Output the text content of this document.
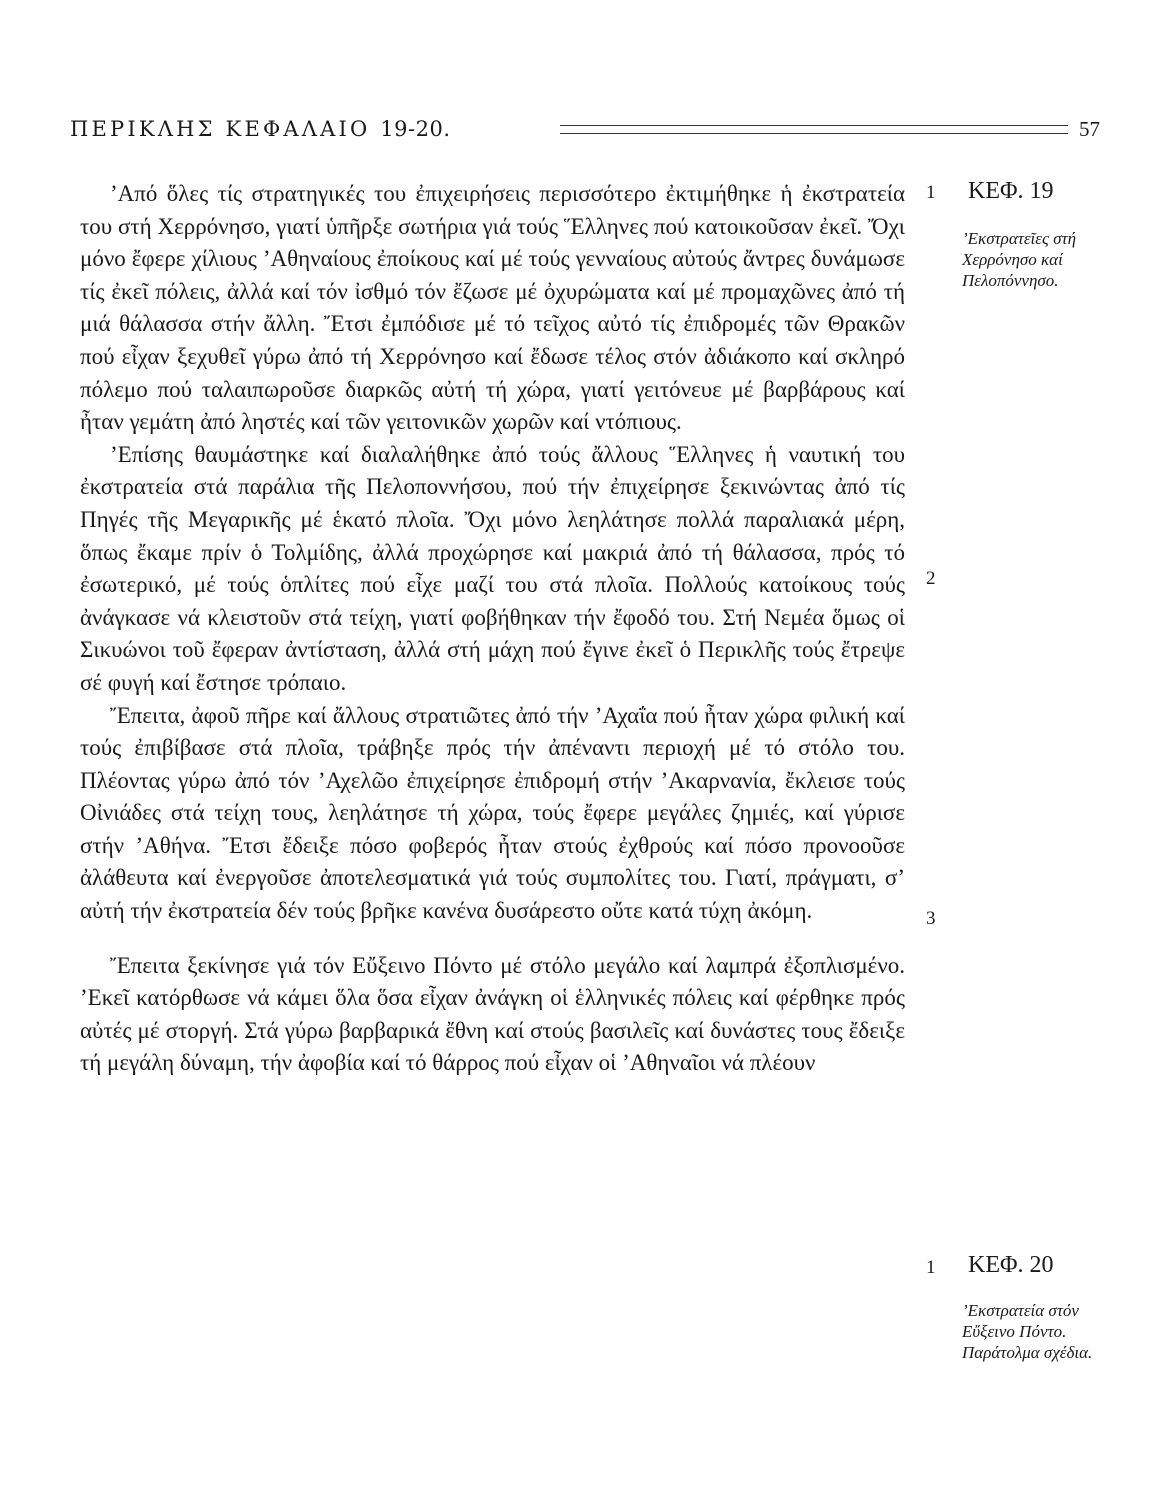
ΠΕΡΙΚΛΗΣ ΚΕΦΑΛΑΙΟ 19-20.	57

’Από ὅλες τίς στρατηγικές του ἐπιχειρήσεις περισσότερο ἐκτιμήθηκε ἡ ἐκστρατεία του στή Χερρόνησο, γιατί ὑπῆρξε σωτήρια γιά τούς Ἕλληνες πού κατοικοῦσαν ἐκεῖ. Ὄχι μόνο ἔφερε χίλιους ’Αθηναίους ἐποίκους καί μέ τούς γενναίους αὐτούς ἄντρες δυνάμωσε τίς ἐκεῖ πόλεις, ἀλλά καί τόν ἰσθμό τόν ἔζωσε μέ ὀχυρώματα καί μέ προμαχῶνες ἀπό τή μιά θάλασσα στήν ἄλλη. Ἔτσι ἐμπόδισε μέ τό τεῖχος αὐτό τίς ἐπιδρομές τῶν Θρακῶν πού εἶχαν ξεχυθεῖ γύρω ἀπό τή Χερρόνησο καί ἔδωσε τέλος στόν ἀδιάκοπο καί σκληρό πόλεμο πού ταλαιπωροῦσε διαρκῶς αὐτή τή χώρα, γιατί γειτόνευε μέ βαρβάρους καί ἦταν γεμάτη ἀπό ληστές καί τῶν γειτονικῶν χωρῶν καί ντόπιους.

’Επίσης θαυμάστηκε καί διαλαλήθηκε ἀπό τούς ἄλλους Ἕλληνες ἡ ναυτική του ἐκστρατεία στά παράλια τῆς Πελοποννήσου, πού τήν ἐπιχείρησε ξεκινώντας ἀπό τίς Πηγές τῆς Μεγαρικῆς μέ ἑκατό πλοῖα. Ὄχι μόνο λεηλάτησε πολλά παραλιακά μέρη, ὅπως ἔκαμε πρίν ὁ Τολμίδης, ἀλλά προχώρησε καί μακριά ἀπό τή θάλασσα, πρός τό ἐσωτερικό, μέ τούς ὁπλίτες πού εἶχε μαζί του στά πλοῖα. Πολλούς κατοίκους τούς ἀνάγκασε νά κλειστοῦν στά τείχη, γιατί φοβήθηκαν τήν ἔφοδό του. Στή Νεμέα ὅμως οἱ Σικυώνοι τοῦ ἔφεραν ἀντίσταση, ἀλλά στή μάχη πού ἔγινε ἐκεῖ ὁ Περικλῆς τούς ἔτρεψε σέ φυγή καί ἔστησε τρόπαιο.

Ἔπειτα, ἀφοῦ πῆρε καί ἄλλους στρατιῶτες ἀπό τήν ’Αχαΐα πού ἦταν χώρα φιλική καί τούς ἐπιβίβασε στά πλοῖα, τράβηξε πρός τήν ἀπέναντι περιοχή μέ τό στόλο του. Πλέοντας γύρω ἀπό τόν ’Αχελῶο ἐπιχείρησε ἐπιδρομή στήν ’Ακαρνανία, ἔκλεισε τούς Οἰνιάδες στά τείχη τους, λεηλάτησε τή χώρα, τούς ἔφερε μεγάλες ζημιές, καί γύρισε στήν ’Αθήνα. Ἔτσι ἔδειξε πόσο φοβερός ἦταν στούς ἐχθρούς καί πόσο προνοοῦσε ἀλάθευτα καί ἐνεργοῦσε ἀποτελεσματικά γιά τούς συμπολίτες του. Γιατί, πράγματι, σ’ αὐτή τήν ἐκστρατεία δέν τούς βρῆκε κανένα δυσάρεστο οὔτε κατά τύχη ἀκόμη.

Ἔπειτα ξεκίνησε γιά τόν Εὔξεινο Πόντο μέ στόλο μεγάλο καί λαμπρά ἐξοπλισμένο. ’Εκεῖ κατόρθωσε νά κάμει ὅλα ὅσα εἶχαν ἀνάγκη οἱ ἑλληνικές πόλεις καί φέρθηκε πρός αὐτές μέ στοργή. Στά γύρω βαρβαρικά ἔθνη καί στούς βασιλεῖς καί δυνάστες τους ἔδειξε τή μεγάλη δύναμη, τήν ἀφοβία καί τό θάρρος πού εἶχαν οἱ ’Αθηναῖοι νά πλέουν

1 ΚΕΦ. 19
’Εκστρατεῖες στή Χερρόνησο καί Πελοπόννησο.
2
3
1 ΚΕΦ. 20
’Εκστρατεία στόν Εὔξεινο Πόντο. Παράτολμα σχέδια.
